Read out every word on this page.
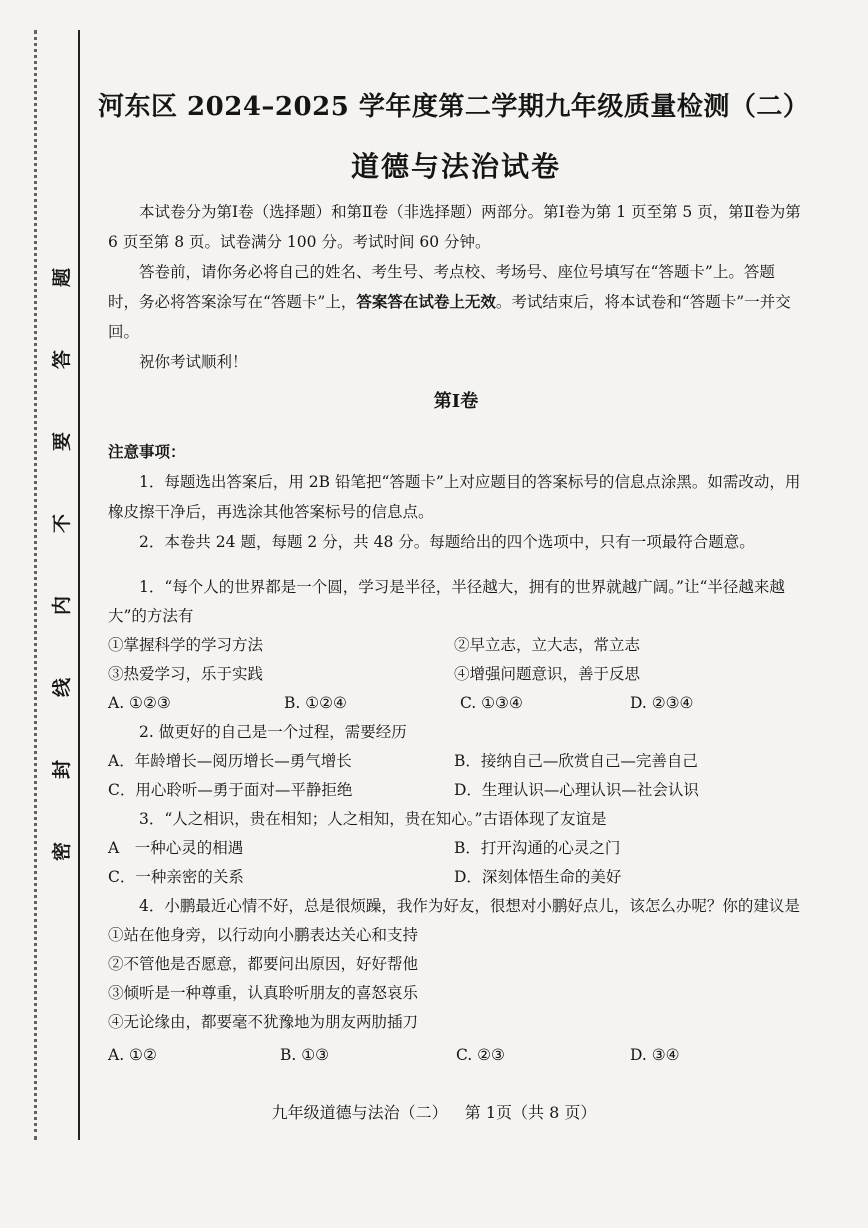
题
答
要
不
内
线
封
密
河东区 2024–2025 学年度第二学期九年级质量检测（二）
道德与法治试卷

本试卷分为第Ⅰ卷（选择题）和第Ⅱ卷（非选择题）两部分。第Ⅰ卷为第 1 页至第 5 页，第Ⅱ卷为第 6 页至第 8 页。试卷满分 100 分。考试时间 60 分钟。

答卷前，请你务必将自己的姓名、考生号、考点校、考场号、座位号填写在“答题卡”上。答题时，务必将答案涂写在“答题卡”上，答案答在试卷上无效。考试结束后，将本试卷和“答题卡”一并交回。

祝你考试顺利！

第Ⅰ卷

注意事项：

1．每题选出答案后，用 2B 铅笔把“答题卡”上对应题目的答案标号的信息点涂黑。如需改动，用橡皮擦干净后，再选涂其他答案标号的信息点。

2．本卷共 24 题，每题 2 分，共 48 分。每题给出的四个选项中，只有一项最符合题意。

1．“每个人的世界都是一个圆，学习是半径，半径越大，拥有的世界就越广阔。”让“半径越来越大”的方法有
①掌握科学的学习方法	②早立志，立大志，常立志
③热爱学习，乐于实践	④增强问题意识，善于反思
A. ①②③	B. ①②④	C. ①③④	D. ②③④
2. 做更好的自己是一个过程，需要经历
A．年龄增长—阅历增长—勇气增长	B．接纳自己—欣赏自己—完善自己
C．用心聆听—勇于面对—平静拒绝	D．生理认识—心理认识—社会认识
3．“人之相识，贵在相知；人之相知，贵在知心。”古语体现了友谊是
A　一种心灵的相遇	B．打开沟通的心灵之门
C．一种亲密的关系	D．深刻体悟生命的美好
4．小鹏最近心情不好，总是很烦躁，我作为好友，很想对小鹏好点儿，该怎么办呢？你的建议是
①站在他身旁，以行动向小鹏表达关心和支持
②不管他是否愿意，都要问出原因，好好帮他
③倾听是一种尊重，认真聆听朋友的喜怒哀乐
④无论缘由，都要毫不犹豫地为朋友两肋插刀
A. ①②	B. ①③	C. ②③	D. ③④
九年级道德与法治（二） 第 1页（共 8 页）
